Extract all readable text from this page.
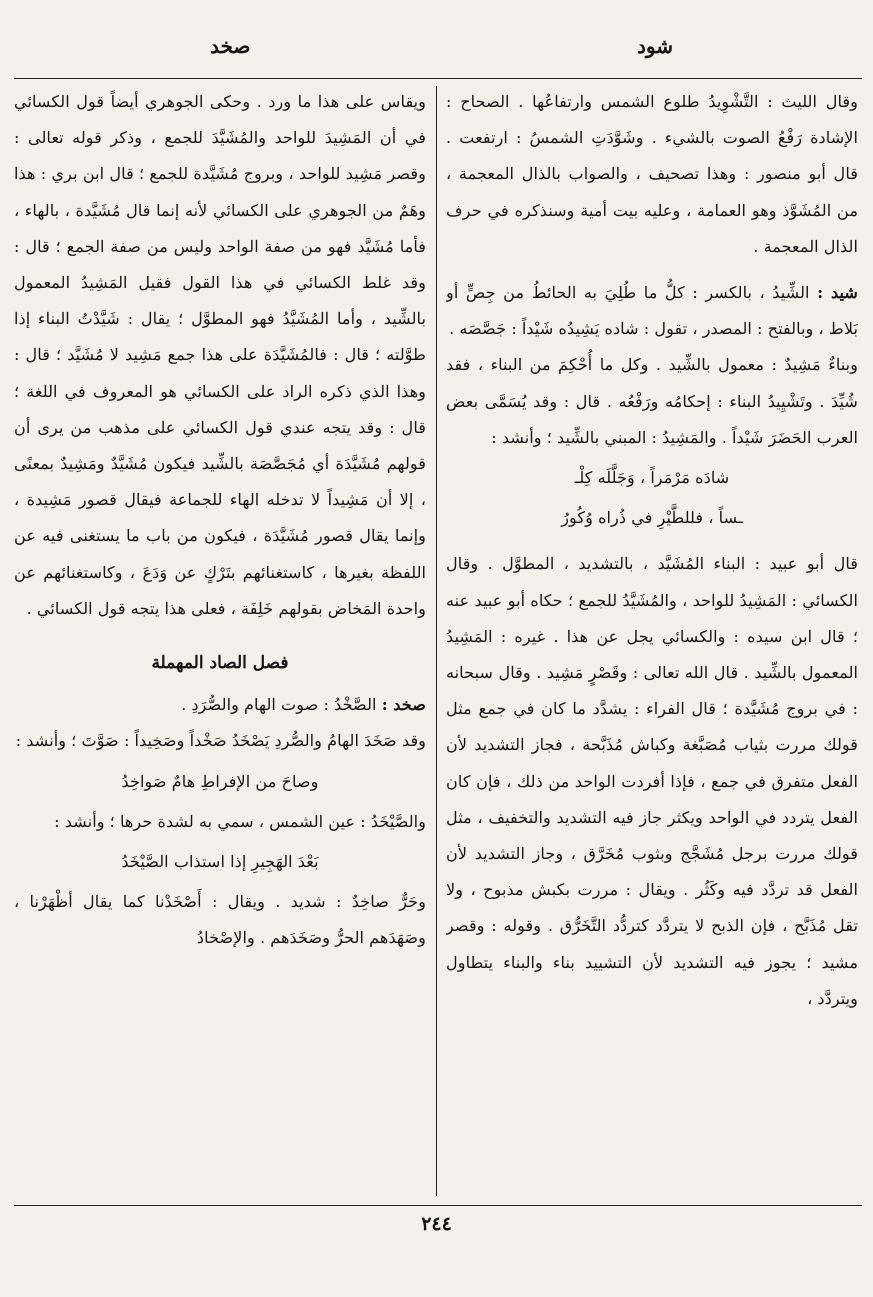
شود
صخد

وقال الليث : التَّشْوِيدُ طلوع الشمس وارتفاعُها . الصحاح : الإشادة رَفْعُ الصوت بالشيء . وشَوَّدَتِ الشمسُ : ارتفعت . قال أبو منصور : وهذا تصحيف ، والصواب بالذال المعجمة ، من المُشَوَّذ وهو العمامة ، وعليه بيت أمية وسنذكره في حرف الذال المعجمة .

شيد : الشِّيدُ ، بالكسر : كلُّ ما طُلِيَ به الحائطُ من جِصٍّ أو بَلاط ، وبالفتح : المصدر ، تقول : شاده يَشِيدُه شَيْداً : جَصَّصَه .

وبناءٌ مَشِيدٌ : معمول بالشِّيد . وكل ما أُحْكِمَ من البناء ، فقد شُيِّدَ . وتَشْيِيدُ البناء : إحكامُه ورَفْعُه . قال : وقد يُسَمَّى بعض العرب الحَضَرَ شَيْداً . والمَشِيدُ : المبني بالشِّيد ؛ وأنشد :

شادَه مَرْمَراً ، وَجَلَّلَه كِلْـ

ـساً ، فللطَّيْرِ في ذُراه وُكُورُ

قال أبو عبيد : البناء المُشَيَّد ، بالتشديد ، المطوَّل . وقال الكسائي : المَشِيدُ للواحد ، والمُشَيَّدُ للجمع ؛ حكاه أبو عبيد عنه ؛ قال ابن سيده : والكسائي يجل عن هذا . غيره : المَشِيدُ المعمول بالشِّيد . قال الله تعالى : وقَصْرٍ مَشِيد . وقال سبحانه : في بروج مُشَيَّدة ؛ قال الفراء : يشدَّد ما كان في جمع مثل قولك مررت بثياب مُصَبَّغة وكباش مُذَبَّحة ، فجاز التشديد لأن الفعل متفرق في جمع ، فإذا أفردت الواحد من ذلك ، فإن كان الفعل يتردد في الواحد ويكثر جاز فيه التشديد والتخفيف ، مثل قولك مررت برجل مُشَجَّج وبثوب مُخَرَّق ، وجاز التشديد لأن الفعل قد تردَّد فيه وكَثُر . ويقال : مررت بكبش مذبوح ، ولا تقل مُذَبَّح ، فإن الذبح لا يتردَّد كتردُّد التَّخَرُّق . وقوله : وقصر مشيد ؛ يجوز فيه التشديد لأن التشييد بناء والبناء يتطاول ويتردَّد ،

ويقاس على هذا ما ورد . وحكى الجوهري أيضاً قول الكسائي في أن المَشِيدَ للواحد والمُشَيَّدَ للجمع ، وذكر قوله تعالى : وقصر مَشِيد للواحد ، وبروج مُشَيَّدة للجمع ؛ قال ابن بري : هذا وهَمٌ من الجوهري على الكسائي لأنه إنما قال مُشَيَّدة ، بالهاء ، فأما مُشَيَّد فهو من صفة الواحد وليس من صفة الجمع ؛ قال : وقد غلط الكسائي في هذا القول فقيل المَشِيدُ المعمول بالشِّيد ، وأما المُشَيَّدُ فهو المطوَّل ؛ يقال : شَيَّدْتُ البناء إذا طوَّلته ؛ قال : فالمُشَيَّدَة على هذا جمع مَشِيد لا مُشَيَّد ؛ قال : وهذا الذي ذكره الراد على الكسائي هو المعروف في اللغة ؛ قال : وقد يتجه عندي قول الكسائي على مذهب من يرى أن قولهم مُشَيَّدَة أي مُجَصَّصَة بالشِّيد فيكون مُشَيَّدٌ ومَشِيدٌ بمعنًى ، إلا أن مَشِيداً لا تدخله الهاء للجماعة فيقال قصور مَشِيدة ، وإنما يقال قصور مُشَيَّدَة ، فيكون من باب ما يستغنى فيه عن اللفظة بغيرها ، كاستغنائهم بتَرْكٍ عن وَدَعَ ، وكاستغنائهم عن واحدة المَخاض بقولهم خَلِفَة ، فعلى هذا يتجه قول الكسائي .

فصل الصاد المهملة

صخد : الصَّخْدُ : صوت الهام والصُّرَدِ .

وقد صَخَدَ الهامُ والصُّردِ يَصْخَدُ صَخْداً وصَخِيداً : صَوَّتَ ؛ وأنشد :

وصاحَ من الإفراطِ هامٌ صَواخِدُ

والصَّيْخَدُ : عين الشمس ، سمي به لشدة حرها ؛ وأنشد :

بَعْدَ الهَجِيرِ إذا استذاب الصَّيْخَدُ

وحَرٌّ صاخِدٌ : شديد . ويقال : أَصْخَدْنا كما يقال أظْهَرْنا ، وصَهَدَهم الحرُّ وصَخَدَهم . والإصْخادُ

٢٤٤
